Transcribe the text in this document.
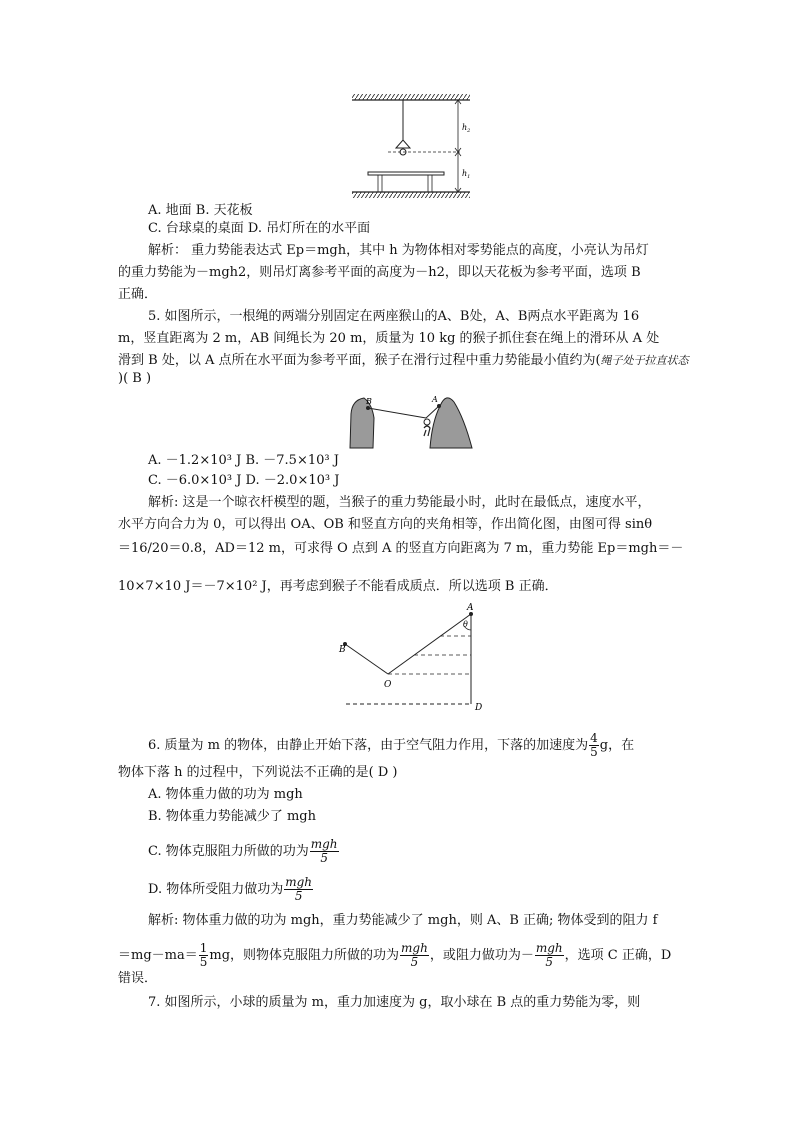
$h_2$
$h_1$
A. 地面 B. 天花板
C. 台球桌的桌面 D. 吊灯所在的水平面
解析： 重力势能表达式 Ep＝mgh，其中 h 为物体相对零势能点的高度，小亮认为吊灯
的重力势能为－mgh2，则吊灯离参考平面的高度为－h2，即以天花板为参考平面，选项 B
正确．
5. 如图所示，一根绳的两端分别固定在两座猴山的A、B处，A、B两点水平距离为 16
m，竖直距离为 2 m，AB 间绳长为 20 m，质量为 10 kg 的猴子抓住套在绳上的滑环从 A 处
滑到 B 处，以 A 点所在水平面为参考平面，猴子在滑行过程中重力势能最小值约为(绳子处于拉直状态
)( B )
B	A
A. －1.2×10³ J B. －7.5×10³ J
C. －6.0×10³ J D. －2.0×10³ J
解析: 这是一个晾衣杆模型的题，当猴子的重力势能最小时，此时在最低点，速度水平，
水平方向合力为 0，可以得出 OA、OB 和竖直方向的夹角相等，作出简化图，由图可得 sinθ
＝16/20＝0.8，AD＝12 m，可求得 O 点到 A 的竖直方向距离为 7 m，重力势能 Ep＝mgh＝－
10×7×10 J＝－7×10² J，再考虑到猴子不能看成质点．所以选项 B 正确．
A
B
O
D
θ
6. 质量为 m 的物体，由静止开始下落，由于空气阻力作用，下落的加速度为 $\frac{4}{5}$ g，在
物体下落 h 的过程中，下列说法不正确的是( D )
A. 物体重力做的功为 mgh
B. 物体重力势能减少了 mgh
C. 物体克服阻力所做的功为 $\frac{\text{mgh}}{5}$
D. 物体所受阻力做功为 $\frac{\text{mgh}}{5}$
解析: 物体重力做的功为 mgh，重力势能减少了 mgh，则 A、B 正确; 物体受到的阻力 f
$=mg-ma= \frac{1}{5}$ mg，则物体克服阻力所做的功为 $\frac{\text{mgh}}{5}$ ，或阻力做功为－ $\frac{\text{mgh}}{5}$ ，选项 C 正确，D
错误．
7. 如图所示，小球的质量为 m，重力加速度为 g，取小球在 B 点的重力势能为零，则
